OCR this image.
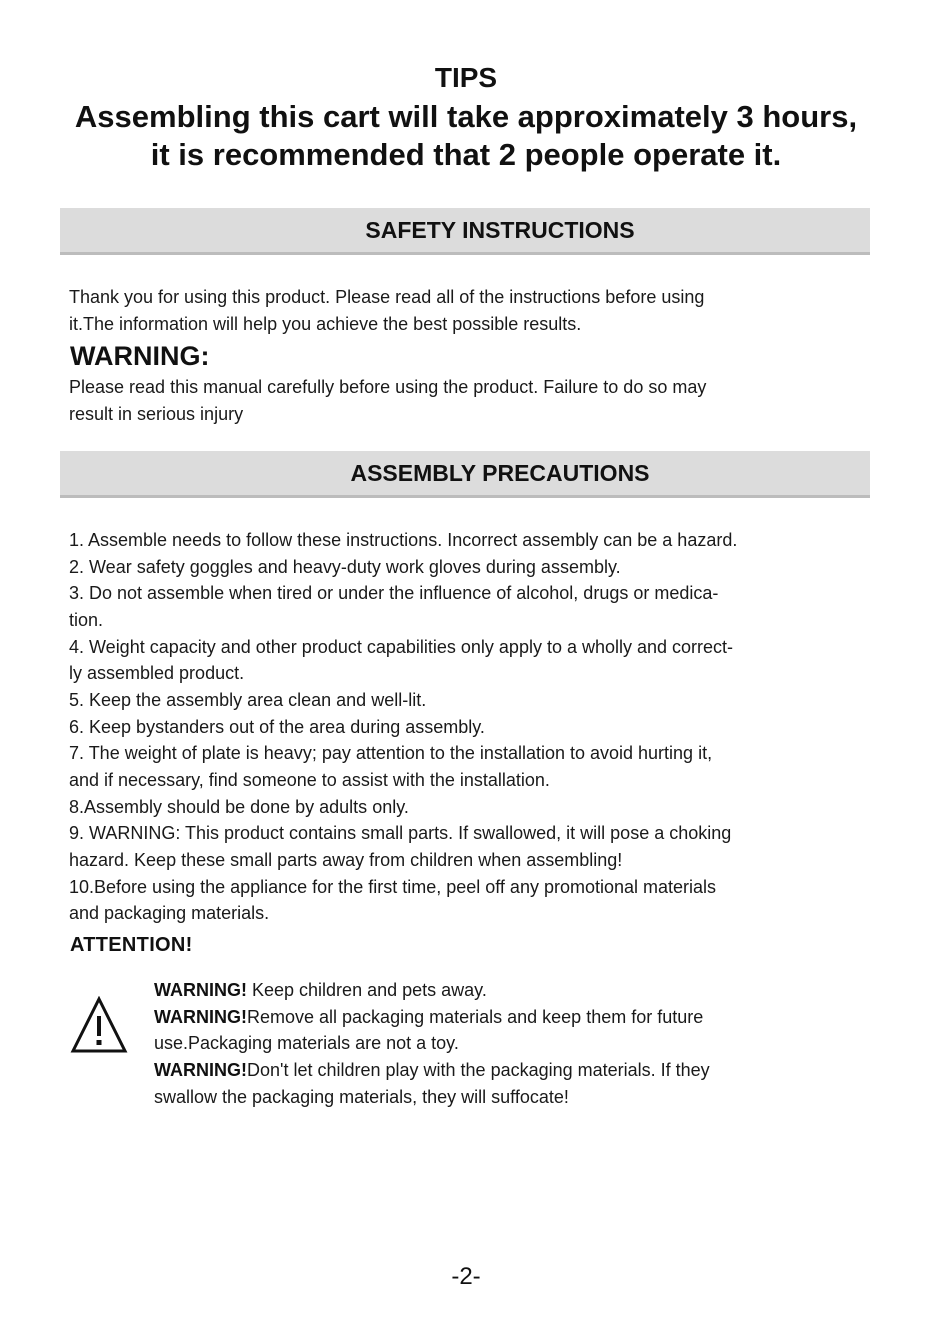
TIPS
Assembling this cart will take approximately 3 hours,
it is recommended that 2 people operate it.
SAFETY INSTRUCTIONS
Thank you for using this product. Please read all of the instructions before using
it.The information will help you achieve the best possible results.
WARNING:
Please read this manual carefully before using the product. Failure to do so may
result in serious injury
ASSEMBLY PRECAUTIONS
1. Assemble needs to follow these instructions. Incorrect assembly can be a hazard.
2. Wear safety goggles and heavy-duty work gloves during assembly.
3. Do not assemble when tired or under the influence of alcohol, drugs or medica-
tion.
4. Weight capacity and other product capabilities only apply to a wholly and correct-
ly assembled product.
5. Keep the assembly area clean and well-lit.
6. Keep bystanders out of the area during assembly.
7. The weight of plate is heavy; pay attention to the installation to avoid hurting it,
and if necessary, find someone to assist with the installation.
8.Assembly should be done by adults only.
9. WARNING: This product contains small parts. If swallowed, it will pose a choking
hazard. Keep these small parts away from children when assembling!
10.Before using the appliance for the first time, peel off any promotional materials
and packaging materials.
ATTENTION!
WARNING! Keep children and pets away.
WARNING!Remove all packaging materials and keep them for future
use.Packaging materials are not a toy.
WARNING!Don't let children play with the packaging materials. If they
swallow the packaging materials, they will suffocate!
-2-
